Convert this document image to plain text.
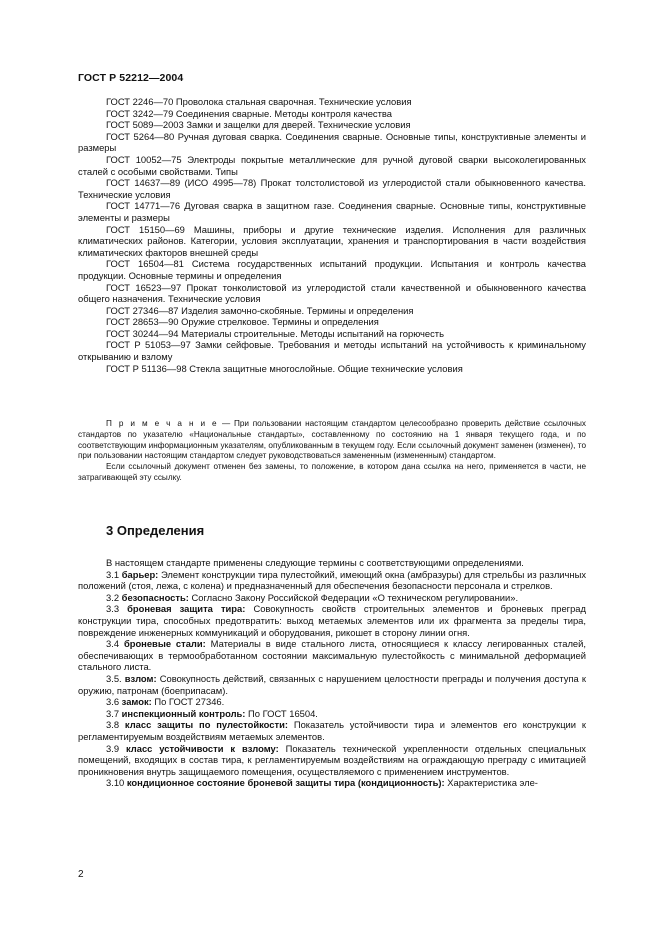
ГОСТ Р 52212—2004

ГОСТ 2246—70 Проволока стальная сварочная. Технические условия

ГОСТ 3242—79 Соединения сварные. Методы контроля качества

ГОСТ 5089—2003 Замки и защелки для дверей. Технические условия

ГОСТ 5264—80 Ручная дуговая сварка. Соединения сварные. Основные типы, конструктивные элементы и размеры

ГОСТ 10052—75 Электроды покрытые металлические для ручной дуговой сварки высоколегированных сталей с особыми свойствами. Типы

ГОСТ 14637—89 (ИСО 4995—78) Прокат толстолистовой из углеродистой стали обыкновенного качества. Технические условия

ГОСТ 14771—76 Дуговая сварка в защитном газе. Соединения сварные. Основные типы, конструктивные элементы и размеры

ГОСТ 15150—69 Машины, приборы и другие технические изделия. Исполнения для различных климатических районов. Категории, условия эксплуатации, хранения и транспортирования в части воздействия климатических факторов внешней среды

ГОСТ 16504—81 Система государственных испытаний продукции. Испытания и контроль качества продукции. Основные термины и определения

ГОСТ 16523—97 Прокат тонколистовой из углеродистой стали качественной и обыкновенного качества общего назначения. Технические условия

ГОСТ 27346—87 Изделия замочно-скобяные. Термины и определения

ГОСТ 28653—90 Оружие стрелковое. Термины и определения

ГОСТ 30244—94 Материалы строительные. Методы испытаний на горючесть

ГОСТ Р 51053—97 Замки сейфовые. Требования и методы испытаний на устойчивость к криминальному открыванию и взлому

ГОСТ Р 51136—98 Стекла защитные многослойные. Общие технические условия

П р и м е ч а н и е — При пользовании настоящим стандартом целесообразно проверить действие ссылочных стандартов по указателю «Национальные стандарты», составленному по состоянию на 1 января текущего года, и по соответствующим информационным указателям, опубликованным в текущем году. Если ссылочный документ заменен (изменен), то при пользовании настоящим стандартом следует руководствоваться замененным (измененным) стандартом.

Если ссылочный документ отменен без замены, то положение, в котором дана ссылка на него, применяется в части, не затрагивающей эту ссылку.

3 Определения

В настоящем стандарте применены следующие термины с соответствующими определениями.

3.1 барьер: Элемент конструкции тира пулестойкий, имеющий окна (амбразуры) для стрельбы из различных положений (стоя, лежа, с колена) и предназначенный для обеспечения безопасности персонала и стрелков.

3.2 безопасность: Согласно Закону Российской Федерации «О техническом регулировании».

3.3 броневая защита тира: Совокупность свойств строительных элементов и броневых преград конструкции тира, способных предотвратить: выход метаемых элементов или их фрагмента за пределы тира, повреждение инженерных коммуникаций и оборудования, рикошет в сторону линии огня.

3.4 броневые стали: Материалы в виде стального листа, относящиеся к классу легированных сталей, обеспечивающих в термообработанном состоянии максимальную пулестойкость с минимальной деформацией стального листа.

3.5. взлом: Совокупность действий, связанных с нарушением целостности преграды и получения доступа к оружию, патронам (боеприпасам).

3.6 замок: По ГОСТ 27346.

3.7 инспекционный контроль: По ГОСТ 16504.

3.8 класс защиты по пулестойкости: Показатель устойчивости тира и элементов его конструкции к регламентируемым воздействиям метаемых элементов.

3.9 класс устойчивости к взлому: Показатель технической укрепленности отдельных специальных помещений, входящих в состав тира, к регламентируемым воздействиям на ограждающую преграду с имитацией проникновения внутрь защищаемого помещения, осуществляемого с применением инструментов.

3.10 кондиционное состояние броневой защиты тира (кондиционность): Характеристика эле-

2
